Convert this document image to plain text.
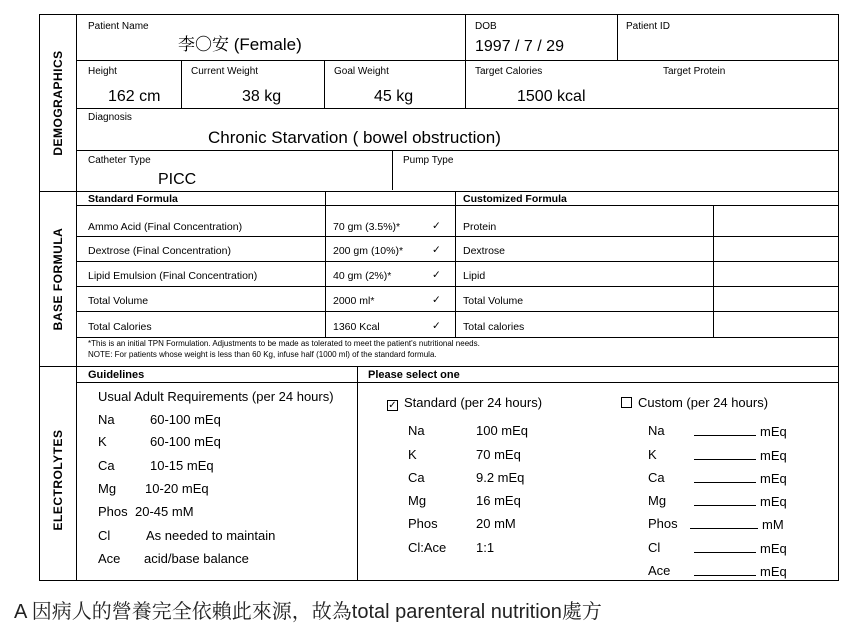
DEMOGRAPHICS
BASE FORMULA
ELECTROLYTES
Patient Name
李〇安 (Female)
DOB
1997 / 7 / 29
Patient ID
Height
162 cm
Current Weight
38 kg
Goal Weight
45 kg
Target Calories
1500 kcal
Target Protein
Diagnosis
Chronic Starvation ( bowel obstruction)
Catheter Type
PICC
Pump Type
Standard Formula	Customized Formula
Ammo Acid (Final Concentration)	70 gm (3.5%)*	✓ Protein
Dextrose (Final Concentration)	200 gm (10%)*	✓ Dextrose
Lipid Emulsion (Final Concentration)	40 gm (2%)*	✓ Lipid
Total Volume	2000 ml*	✓ Total Volume
Total Calories	1360 Kcal	✓ Total calories
*This is an initial TPN Formulation. Adjustments to be made as tolerated to meet the patient's nutritional needs.
NOTE: For patients whose weight is less than 60 Kg, infuse half (1000 ml) of the standard formula.
Guidelines	Please select one
Usual Adult Requirements (per 24 hours)
Na	60-100 mEq
K	60-100 mEq
Ca	10-15 mEq
Mg 10-20 mEq
Phos 20-45 mM
Cl	As needed to maintain
Ace acid/base balance
✓ Standard (per 24 hours)
Na	100 mEq
K	70 mEq
Ca	9.2 mEq
Mg	16 mEq
Phos	20 mM
Cl:Ace 1:1
Custom (per 24 hours)
Na	mEq
K	mEq
Ca	mEq
Mg	mEq
Phos	mM
Cl	mEq
Ace	mEq
A 因病人的營養完全依賴此來源，故為total parenteral nutrition處方
